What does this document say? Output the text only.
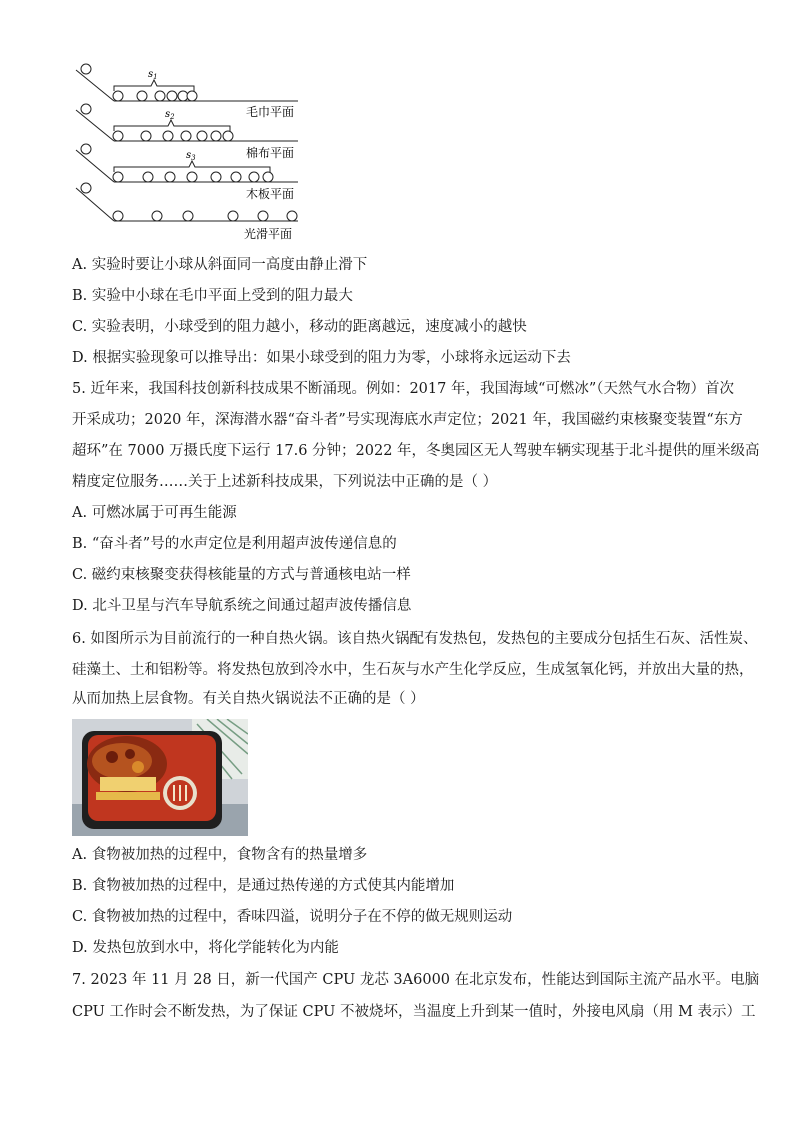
$s_1$
毛巾平面
$s_2$
棉布平面
$s_3$
木板平面
光滑平面
A. 实验时要让小球从斜面同一高度由静止滑下
B. 实验中小球在毛巾平面上受到的阻力最大
C. 实验表明，小球受到的阻力越小，移动的距离越远，速度减小的越快
D. 根据实验现象可以推导出：如果小球受到的阻力为零，小球将永远运动下去
5. 近年来，我国科技创新科技成果不断涌现。例如：2017 年，我国海域“可燃冰”（天然气水合物）首次
开采成功；2020 年，深海潜水器“奋斗者”号实现海底水声定位；2021 年，我国磁约束核聚变装置“东方
超环”在 7000 万摄氏度下运行 17.6 分钟；2022 年，冬奥园区无人驾驶车辆实现基于北斗提供的厘米级高
精度定位服务……关于上述新科技成果，下列说法中正确的是（ ）
A. 可燃冰属于可再生能源
B. “奋斗者”号的水声定位是利用超声波传递信息的
C. 磁约束核聚变获得核能量的方式与普通核电站一样
D. 北斗卫星与汽车导航系统之间通过超声波传播信息
6. 如图所示为目前流行的一种自热火锅。该自热火锅配有发热包，发热包的主要成分包括生石灰、活性炭、
硅藻土、土和铝粉等。将发热包放到冷水中，生石灰与水产生化学反应，生成氢氧化钙，并放出大量的热，
从而加热上层食物。有关自热火锅说法不正确的是（ ）
A. 食物被加热的过程中，食物含有的热量增多
B. 食物被加热的过程中，是通过热传递的方式使其内能增加
C. 食物被加热的过程中，香味四溢，说明分子在不停的做无规则运动
D. 发热包放到水中，将化学能转化为内能
7. 2023 年 11 月 28 日，新一代国产 CPU 龙芯 3A6000 在北京发布，性能达到国际主流产品水平。电脑
CPU 工作时会不断发热，为了保证 CPU 不被烧坏，当温度上升到某一值时，外接电风扇（用 M 表示）工
